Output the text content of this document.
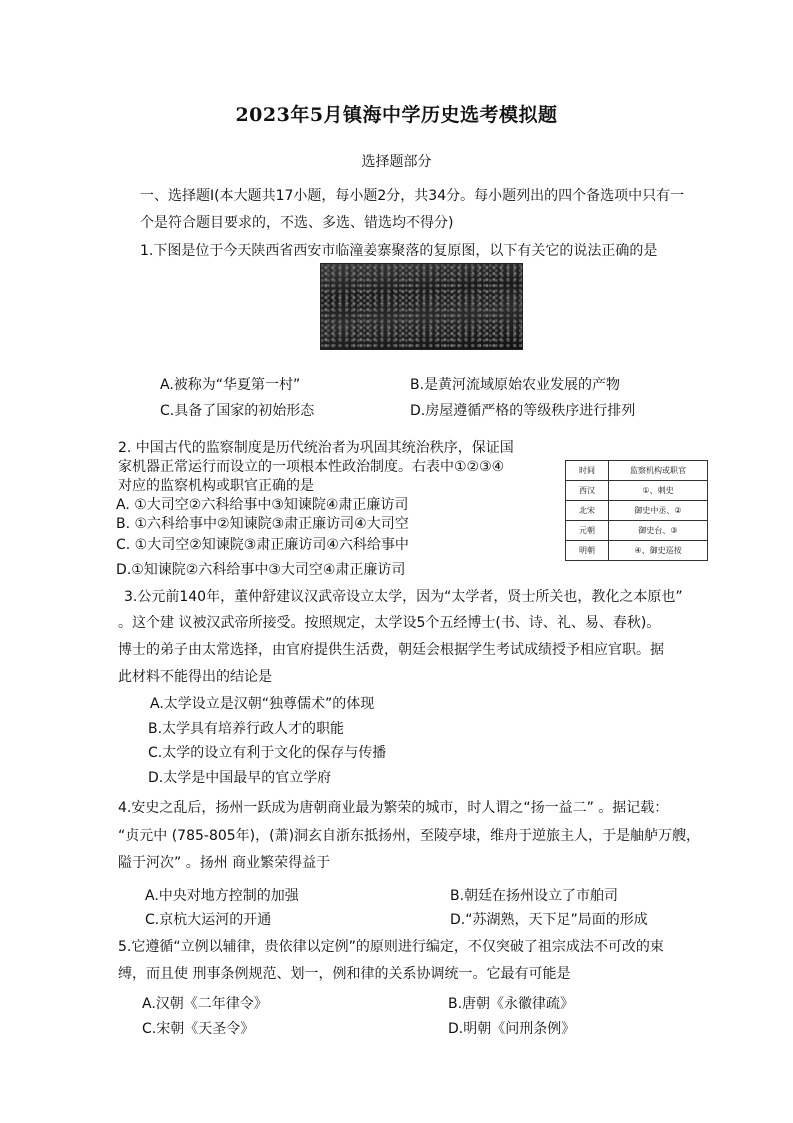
2023年5月镇海中学历史选考模拟题
选择题部分
一、选择题I(本大题共17小题，每小题2分，共34分。每小题列出的四个备选项中只有一
个是符合题目要求的，不选、多选、错选均不得分)
1.下图是位于今天陕西省西安市临潼姜寨聚落的复原图，以下有关它的说法正确的是
A.被称为“华夏第一村”	B.是黄河流域原始农业发展的产物
C.具备了国家的初始形态	D.房屋遵循严格的等级秩序进行排列
2. 中国古代的监察制度是历代统治者为巩固其统治秩序，保证国
家机器正常运行而设立的一项根本性政治制度。右表中①②③④
对应的监察机构或职官正确的是
A. ①大司空②六科给事中③知谏院④肃正廉访司
B. ①六科给事中②知谏院③肃正廉访司④大司空
C. ①大司空②知谏院③肃正廉访司④六科给事中
D.①知谏院②六科给事中③大司空④肃正廉访司
时间	监察机构或职官
西汉	①、刺史
北宋	御史中丞、②
元朝	御史台、③
明朝	④、御史巡按
3.公元前140年，董仲舒建议汉武帝设立太学，因为“太学者，贤士所关也，教化之本原也”
。这个建 议被汉武帝所接受。按照规定，太学设5个五经博士(书、诗、礼、易、春秋)。
博士的弟子由太常选择，由官府提供生活费，朝廷会根据学生考试成绩授予相应官职。据
此材料不能得出的结论是
A.太学设立是汉朝“独尊儒术”的体现
B.太学具有培养行政人才的职能
C.太学的设立有利于文化的保存与传播
D.太学是中国最早的官立学府
4.安史之乱后，扬州一跃成为唐朝商业最为繁荣的城市，时人谓之“扬一益二” 。据记载：
“贞元中 (785-805年)，(萧)洞玄自浙东抵扬州，至陵亭埭，维舟于逆旅主人，于是舳舻万艘，
隘于河次” 。扬州 商业繁荣得益于
A.中央对地方控制的加强	B.朝廷在扬州设立了市舶司
C.京杭大运河的开通	D.“苏湖熟，天下足”局面的形成
5.它遵循“立例以辅律，贵依律以定例”的原则进行编定，不仅突破了祖宗成法不可改的束
缚，而且使 刑事条例规范、划一，例和律的关系协调统一。它最有可能是
A.汉朝《二年律令》	B.唐朝《永徽律疏》
C.宋朝《天圣令》	D.明朝《问刑条例》
